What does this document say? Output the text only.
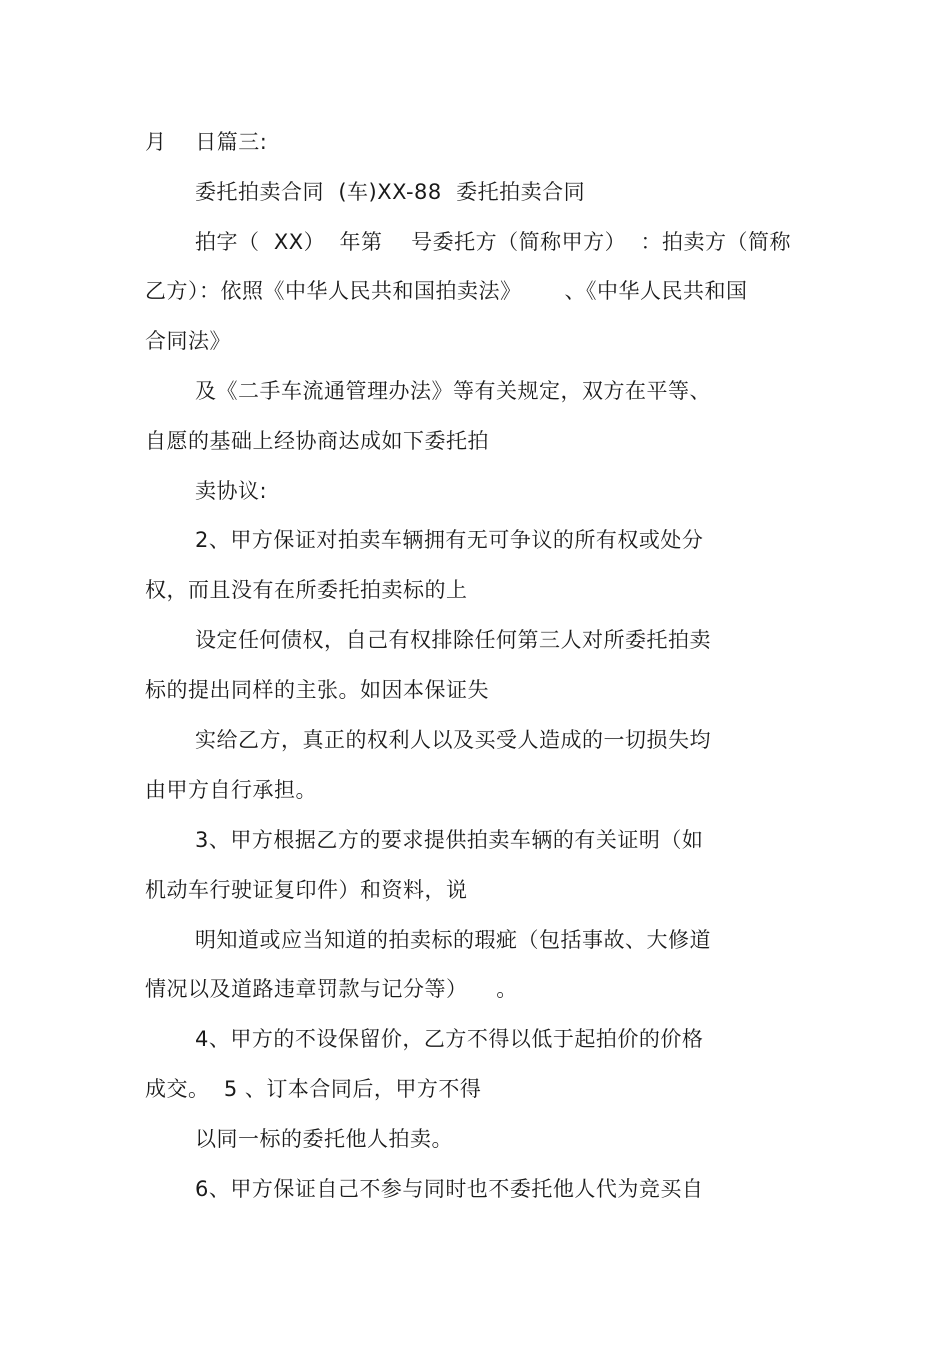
月    日篇三:
委托拍卖合同  (车)XX-88  委托拍卖合同
拍字（  XX）  年第    号委托方（简称甲方）  ：拍卖方（简称
乙方）：依照《中华人民共和国拍卖法》      、《中华人民共和国
合同法》
及《二手车流通管理办法》等有关规定，双方在平等、
自愿的基础上经协商达成如下委托拍
卖协议:
2、甲方保证对拍卖车辆拥有无可争议的所有权或处分
权，而且没有在所委托拍卖标的上
设定任何债权，自己有权排除任何第三人对所委托拍卖
标的提出同样的主张。如因本保证失
实给乙方，真正的权利人以及买受人造成的一切损失均
由甲方自行承担。
3、甲方根据乙方的要求提供拍卖车辆的有关证明（如
机动车行驶证复印件）和资料，说
明知道或应当知道的拍卖标的瑕疵（包括事故、大修道
情况以及道路违章罚款与记分等）    。
4、甲方的不设保留价，乙方不得以低于起拍价的价格
成交。  5 、订本合同后，甲方不得
以同一标的委托他人拍卖。
6、甲方保证自己不参与同时也不委托他人代为竞买自
